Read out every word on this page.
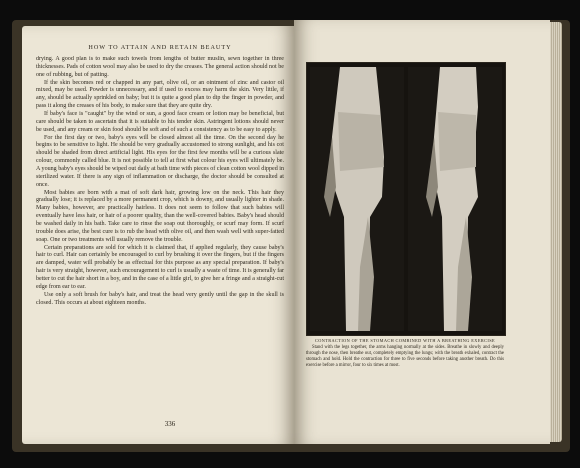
HOW TO ATTAIN AND RETAIN BEAUTY

drying. A good plan is to make such towels from lengths of butter muslin, sewn together in three thicknesses. Pads of cotton wool may also be used to dry the creases. The general action should not be one of rubbing, but of patting.

If the skin becomes red or chapped in any part, olive oil, or an ointment of zinc and castor oil mixed, may be used. Powder is unnecessary, and if used to excess may harm the skin. Very little, if any, should be actually sprinkled on baby; but it is quite a good plan to dip the finger in powder, and pass it along the creases of his body, to make sure that they are quite dry.

If baby's face is "caught" by the wind or sun, a good face cream or lotion may be beneficial, but care should be taken to ascertain that it is suitable to his tender skin. Astringent lotions should never be used, and any cream or skin food should be soft and of such a consistency as to be easy to apply.

For the first day or two, baby's eyes will be closed almost all the time. On the second day he begins to be sensitive to light. He should be very gradually accustomed to strong sunlight, and his cot should be shaded from direct artificial light. His eyes for the first few months will be a curious slate colour, commonly called blue. It is not possible to tell at first what colour his eyes will ultimately be. A young baby's eyes should be wiped out daily at bath time with pieces of clean cotton wool dipped in sterilized water. If there is any sign of inflammation or discharge, the doctor should be consulted at once.

Most babies are born with a mat of soft dark hair, growing low on the neck. This hair they gradually lose; it is replaced by a more permanent crop, which is downy, and usually lighter in shade. Many babies, however, are practically hairless. It does not seem to follow that such babies will eventually have less hair, or hair of a poorer quality, than the well-covered babies. Baby's head should be washed daily in his bath. Take care to rinse the soap out thoroughly, or scurf may form. If scurf trouble does arise, the best cure is to rub the head with olive oil, and then wash well with super-fatted soap. One or two treatments will usually remove the trouble.

Certain preparations are sold for which it is claimed that, if applied regularly, they cause baby's hair to curl. Hair can certainly be encouraged to curl by brushing it over the fingers, but if the fingers are damped, water will probably be as effectual for this purpose as any special preparation. If baby's hair is very straight, however, such encouragement to curl is usually a waste of time. It is generally far better to cut the hair short in a boy, and in the case of a little girl, to give her a fringe and a straight-cut edge from ear to ear.

Use only a soft brush for baby's hair, and treat the head very gently until the gap in the skull is closed. This occurs at about eighteen months.

336
CONTRACTION OF THE STOMACH COMBINED WITH A BREATHING EXERCISE
Stand with the legs together, the arms hanging normally at the sides. Breathe in slowly and deeply through the nose, then breathe out, completely emptying the lungs; with the breath exhaled, contract the stomach and hold. Hold the contraction for three to five seconds before taking another breath. Do this exercise before a mirror, four to six times at most.
